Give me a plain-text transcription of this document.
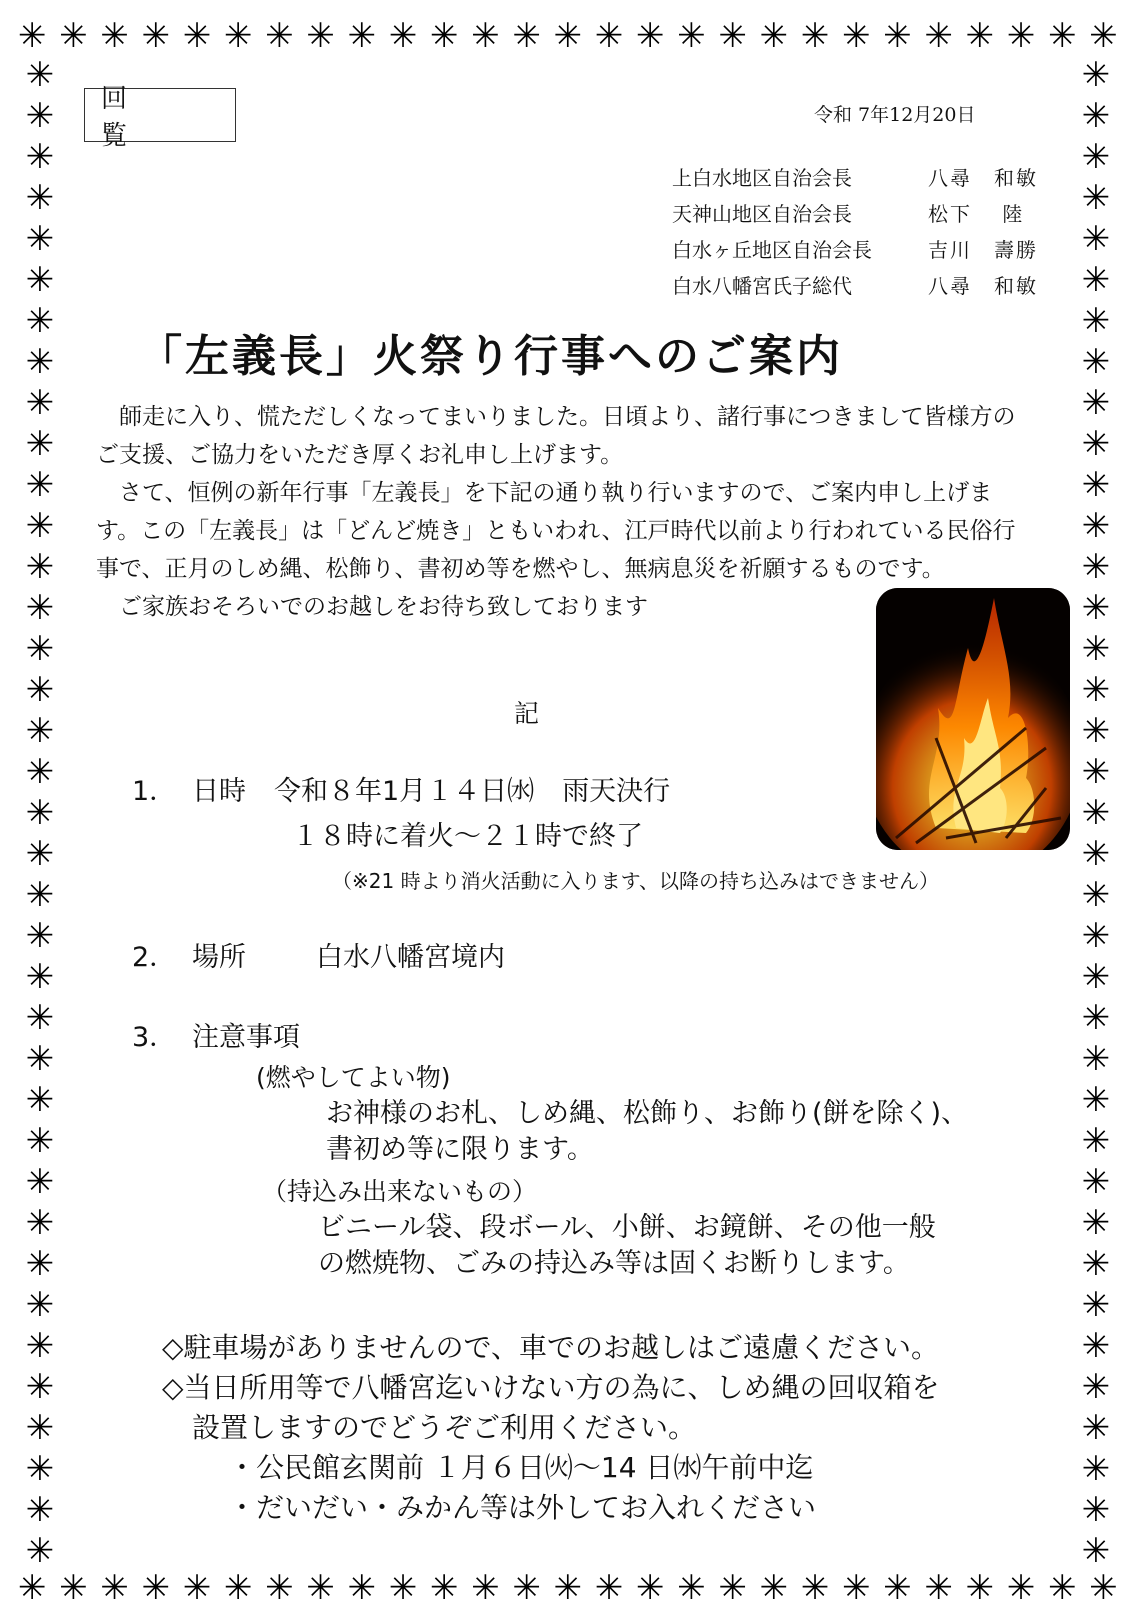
✳ ✳ ✳ ✳ ✳ ✳ ✳ ✳ ✳ ✳ ✳ ✳ ✳ ✳ ✳ ✳ ✳ ✳ ✳ ✳ ✳ ✳ ✳ ✳ ✳ ✳ ✳
✳ ✳ ✳ ✳ ✳ ✳ ✳ ✳ ✳ ✳ ✳ ✳ ✳ ✳ ✳ ✳ ✳ ✳ ✳ ✳ ✳ ✳ ✳ ✳ ✳ ✳ ✳
✳
✳
✳
✳
✳
✳
✳
✳
✳
✳
✳
✳
✳
✳
✳
✳
✳
✳
✳
✳
✳
✳
✳
✳
✳
✳
✳
✳
✳
✳
✳
✳
✳
✳
✳
✳
✳
✳
✳
✳
✳
✳
✳
✳
✳
✳
✳
✳
✳
✳
✳
✳
✳
✳
✳
✳
✳
✳
✳
✳
✳
✳
✳
✳
✳
✳
✳
✳
✳
✳
✳
✳
✳
✳
回 覧
令和 7年12月20日
上白水地区自治会長	八尋　和敏
天神山地区自治会長	松下　 陸
白水ヶ丘地区自治会長	吉川　壽勝
白水八幡宮氏子総代	八尋　和敏
「左義長」火祭り行事へのご案内

師走に入り、慌ただしくなってまいりました。日頃より、諸行事につきまして皆様方のご支援、ご協力をいただき厚くお礼申し上げます。

さて、恒例の新年行事「左義長」を下記の通り執り行いますので、ご案内申し上げます。この「左義長」は「どんど焼き」ともいわれ、江戸時代以前より行われている民俗行事で、正月のしめ縄、松飾り、書初め等を燃やし、無病息災を祈願するものです。

ご家族おそろいでのお越しをお待ち致しております

記
1． 日時 令和８年1月１４日㈬ 雨天決行
１８時に着火～２１時で終了
（※21 時より消火活動に入ります、以降の持ち込みはできません）
2． 場所	白水八幡宮境内
3． 注意事項
(燃やしてよい物)
お神様のお札、しめ縄、松飾り、お飾り(餅を除く)、
書初め等に限ります。
（持込み出来ないもの）
ビニール袋、段ボール、小餅、お鏡餅、その他一般
の燃焼物、ごみの持込み等は固くお断りします。
◇駐車場がありませんので、車でのお越しはご遠慮ください。
◇当日所用等で八幡宮迄いけない方の為に、しめ縄の回収箱を
設置しますのでどうぞご利用ください。
・公民館玄関前 １月６日㈫～14 日㈬午前中迄
・だいだい・みかん等は外してお入れください
